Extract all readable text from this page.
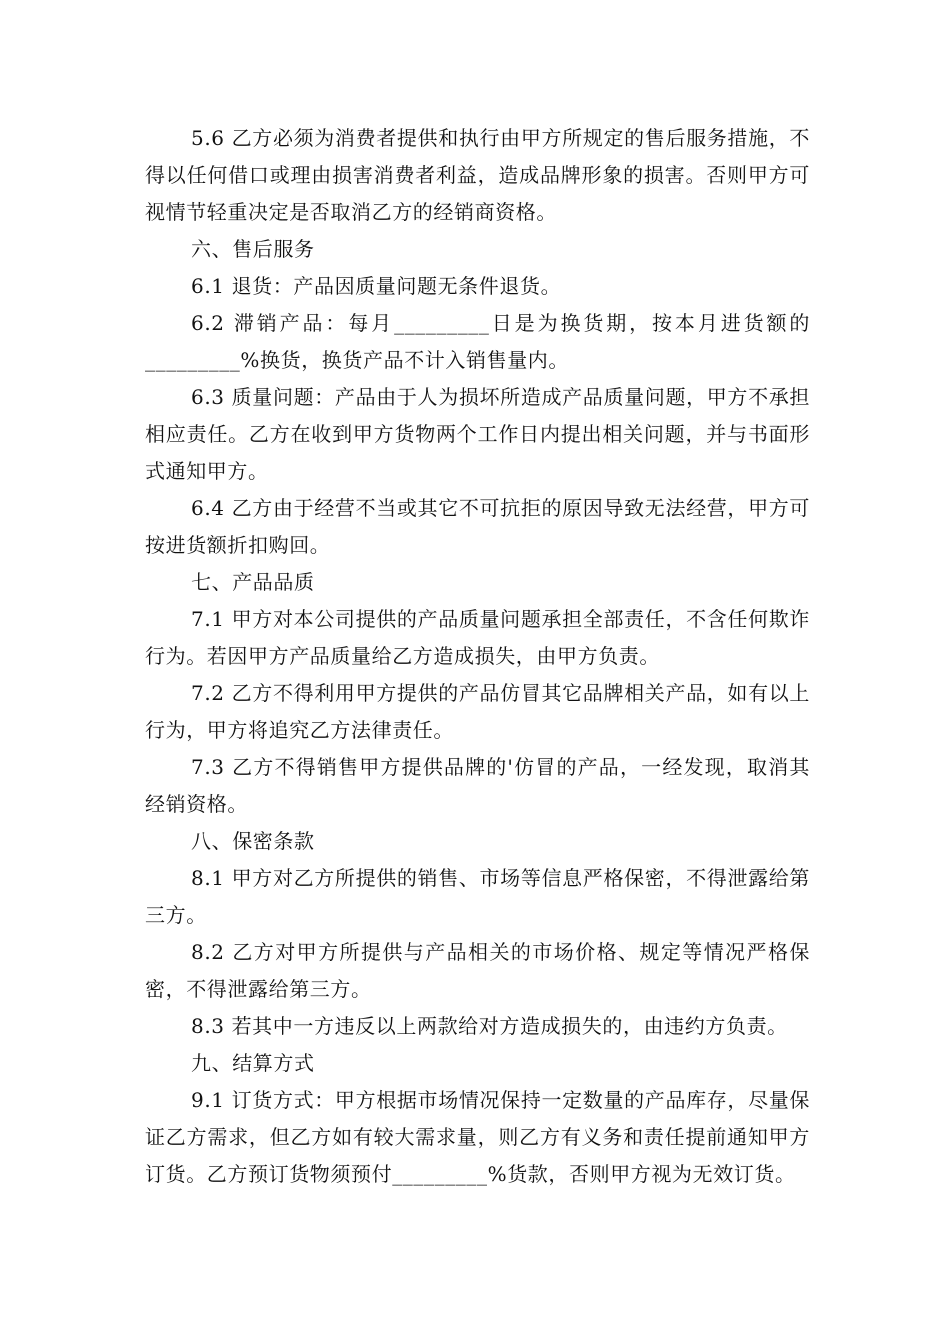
5.6 乙方必须为消费者提供和执行由甲方所规定的售后服务措施，不得以任何借口或理由损害消费者利益，造成品牌形象的损害。否则甲方可视情节轻重决定是否取消乙方的经销商资格。

六、售后服务

6.1 退货：产品因质量问题无条件退货。

6.2 滞销产品：每月_________日是为换货期，按本月进货额的_________%换货，换货产品不计入销售量内。

6.3 质量问题：产品由于人为损坏所造成产品质量问题，甲方不承担相应责任。乙方在收到甲方货物两个工作日内提出相关问题，并与书面形式通知甲方。

6.4 乙方由于经营不当或其它不可抗拒的原因导致无法经营，甲方可按进货额折扣购回。

七、产品品质

7.1 甲方对本公司提供的产品质量问题承担全部责任，不含任何欺诈行为。若因甲方产品质量给乙方造成损失，由甲方负责。

7.2 乙方不得利用甲方提供的产品仿冒其它品牌相关产品，如有以上行为，甲方将追究乙方法律责任。

7.3 乙方不得销售甲方提供品牌的'仿冒的产品，一经发现，取消其经销资格。

八、保密条款

8.1 甲方对乙方所提供的销售、市场等信息严格保密，不得泄露给第三方。

8.2 乙方对甲方所提供与产品相关的市场价格、规定等情况严格保密，不得泄露给第三方。

8.3 若其中一方违反以上两款给对方造成损失的，由违约方负责。

九、结算方式

9.1 订货方式：甲方根据市场情况保持一定数量的产品库存，尽量保证乙方需求，但乙方如有较大需求量，则乙方有义务和责任提前通知甲方订货。乙方预订货物须预付_________%货款，否则甲方视为无效订货。
